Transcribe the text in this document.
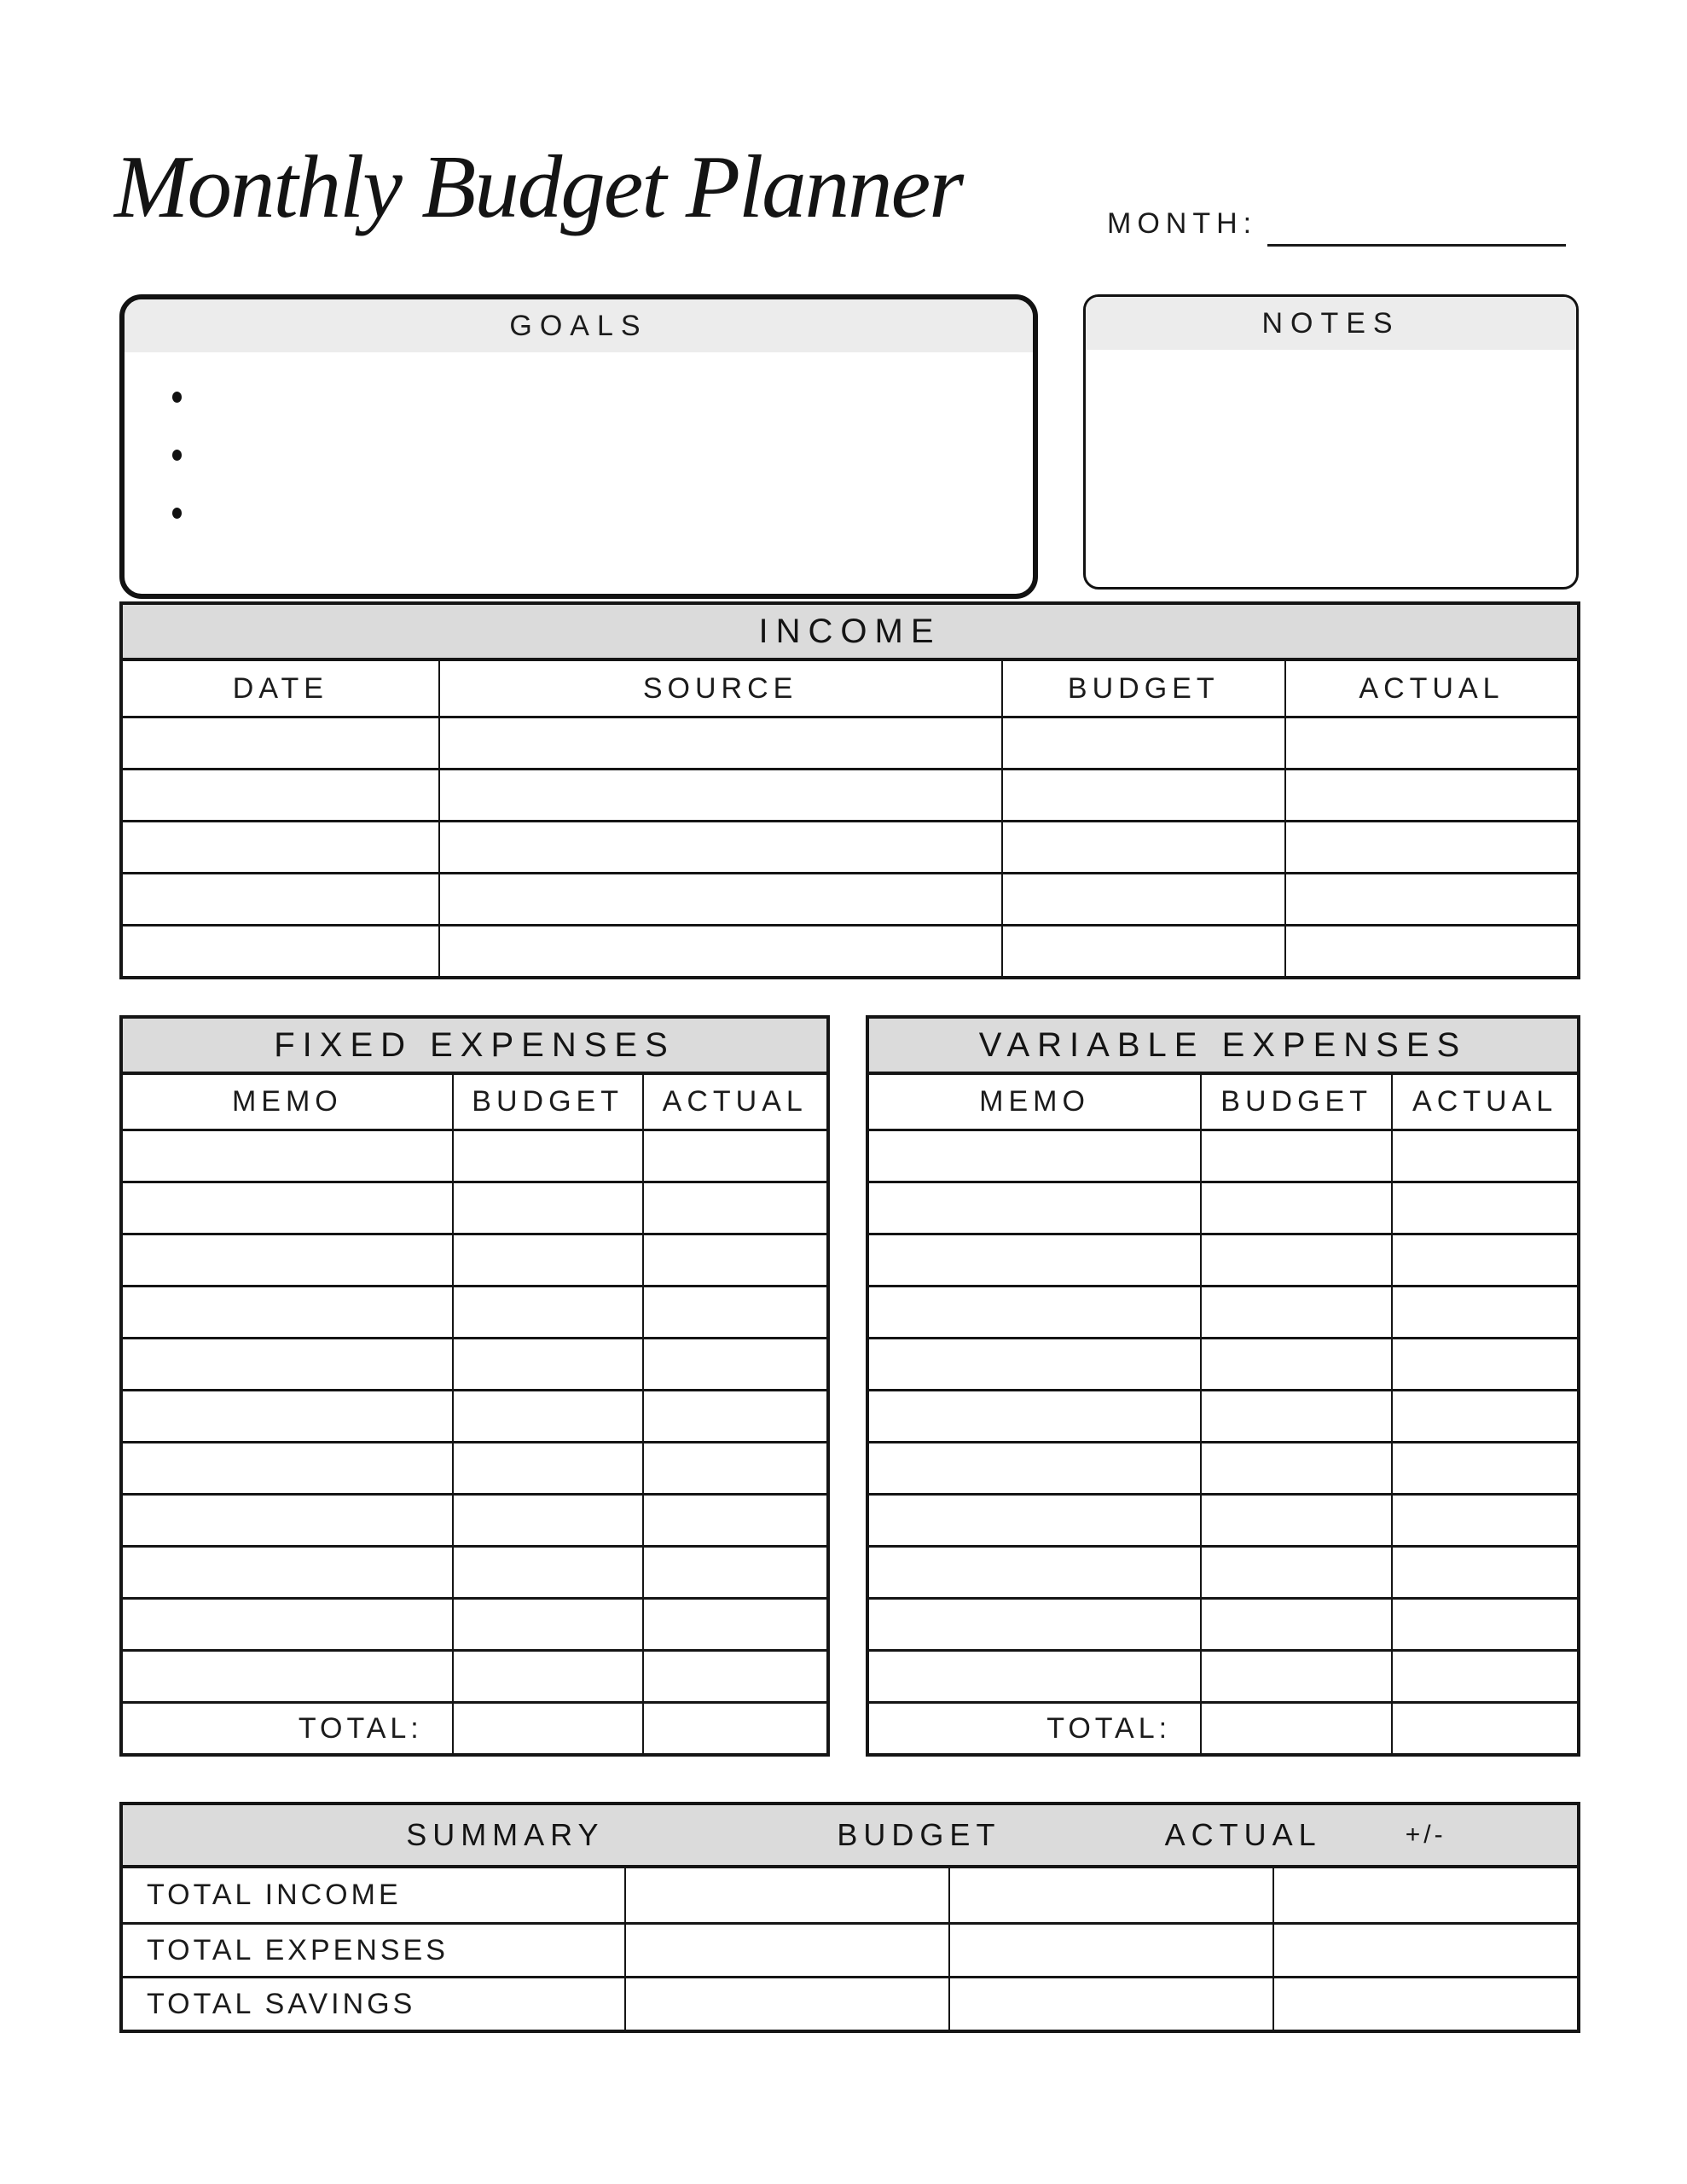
Monthly Budget Planner	MONTH:
GOALS	NOTES
INCOME
DATE	SOURCE	BUDGET	ACTUAL
FIXED EXPENSES
MEMO	BUDGET	ACTUAL
TOTAL:
VARIABLE EXPENSES
MEMO	BUDGET	ACTUAL
TOTAL:
SUMMARY	BUDGET	ACTUAL	+/-
TOTAL INCOME
TOTAL EXPENSES
TOTAL SAVINGS
